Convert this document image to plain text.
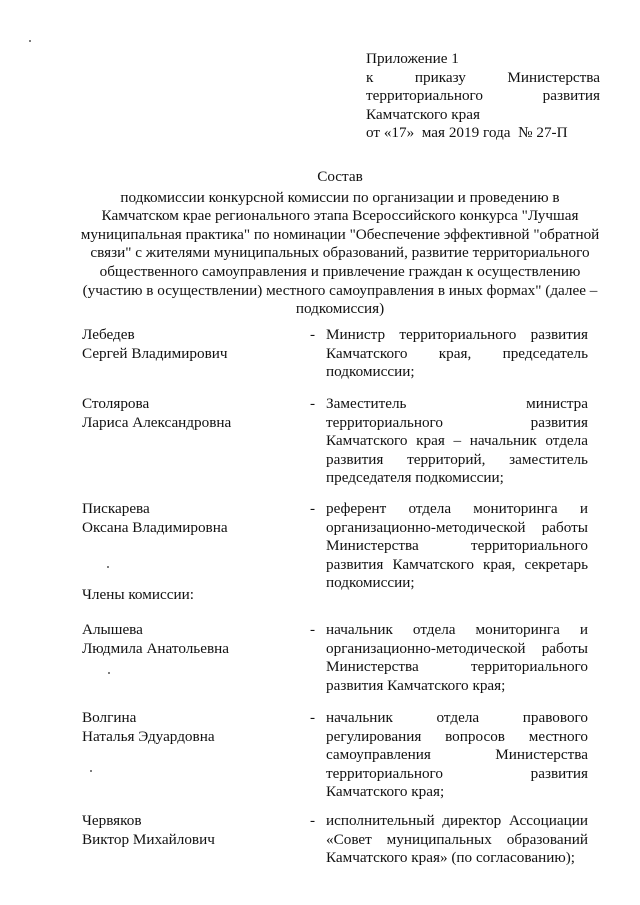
Приложение 1
к	приказу	Министерства
территориального	развития
Камчатского края
от «17»  мая 2019 года  № 27-П
Состав
подкомиссии конкурсной комиссии по организации и проведению в Камчатском крае регионального этапа Всероссийского конкурса "Лучшая муниципальная практика" по номинации "Обеспечение эффективной "обратной связи" с жителями муниципальных образований, развитие территориального общественного самоуправления и привлечение граждан к осуществлению (участию в осуществлении) местного самоуправления в иных формах" (далее – подкомиссия)
Лебедев
Сергей Владимирович
- Министр территориального развития Камчатского края, председатель подкомиссии;
Столярова
Лариса Александровна
- Заместитель министра территориального развития Камчатского края – начальник отдела развития территорий, заместитель председателя подкомиссии;
Пискарева
Оксана Владимировна
- референт отдела мониторинга и организационно-методической работы Министерства территориального развития Камчатского края, секретарь подкомиссии;
Члены комиссии:
Алышева
Людмила Анатольевна
- начальник отдела мониторинга и организационно-методической работы Министерства территориального развития Камчатского края;
Волгина
Наталья Эдуардовна
- начальник отдела правового регулирования вопросов местного самоуправления Министерства территориального развития Камчатского края;
Червяков
Виктор Михайлович
- исполнительный директор Ассоциации «Совет муниципальных образований Камчатского края» (по согласованию);
